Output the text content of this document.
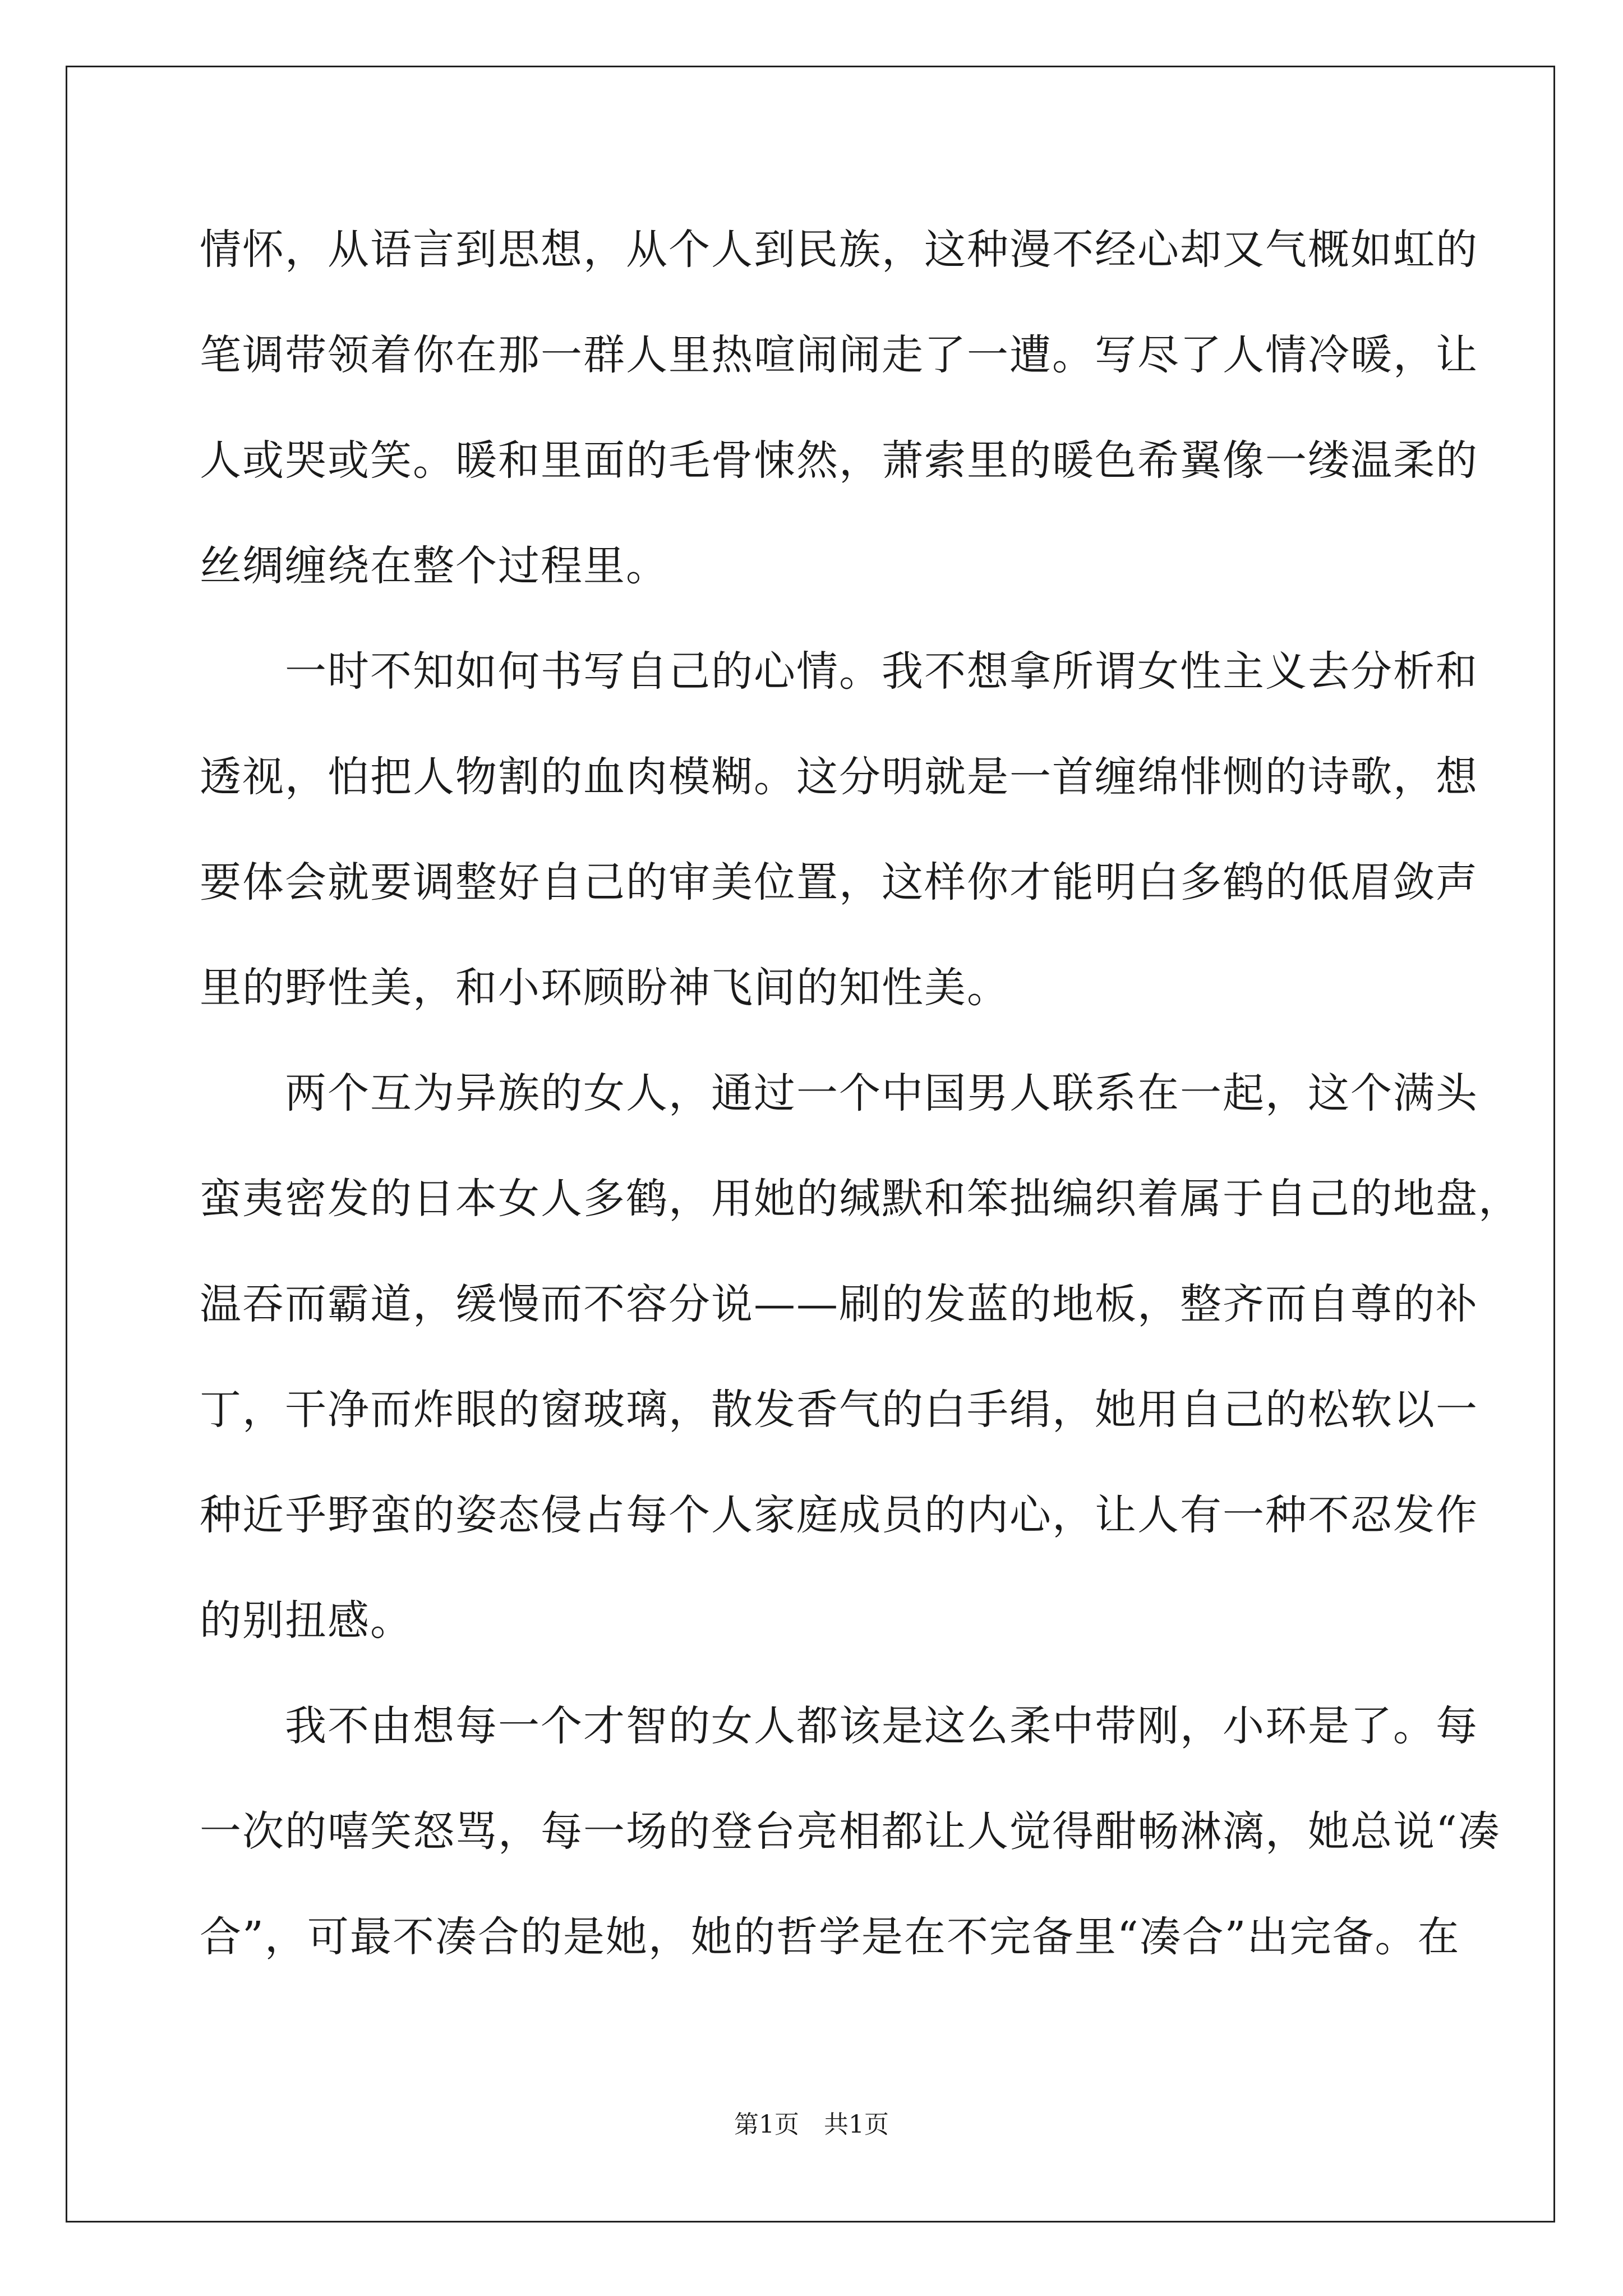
情怀，从语言到思想，从个人到民族，这种漫不经心却又气概如虹的
笔调带领着你在那一群人里热喧闹闹走了一遭。写尽了人情冷暖，让
人或哭或笑。暖和里面的毛骨悚然，萧索里的暖色希翼像一缕温柔的
丝绸缠绕在整个过程里。
　　一时不知如何书写自己的心情。我不想拿所谓女性主义去分析和
透视，怕把人物割的血肉模糊。这分明就是一首缠绵悱恻的诗歌，想
要体会就要调整好自己的审美位置，这样你才能明白多鹤的低眉敛声
里的野性美，和小环顾盼神飞间的知性美。
　　两个互为异族的女人，通过一个中国男人联系在一起，这个满头
蛮夷密发的日本女人多鹤，用她的缄默和笨拙编织着属于自己的地盘，
温吞而霸道，缓慢而不容分说——刷的发蓝的地板，整齐而自尊的补
丁，干净而炸眼的窗玻璃，散发香气的白手绢，她用自己的松软以一
种近乎野蛮的姿态侵占每个人家庭成员的内心，让人有一种不忍发作
的别扭感。
　　我不由想每一个才智的女人都该是这么柔中带刚，小环是了。每
一次的嘻笑怒骂，每一场的登台亮相都让人觉得酣畅淋漓，她总说“凑
合”，可最不凑合的是她，她的哲学是在不完备里“凑合”出完备。在
第1页　共1页
